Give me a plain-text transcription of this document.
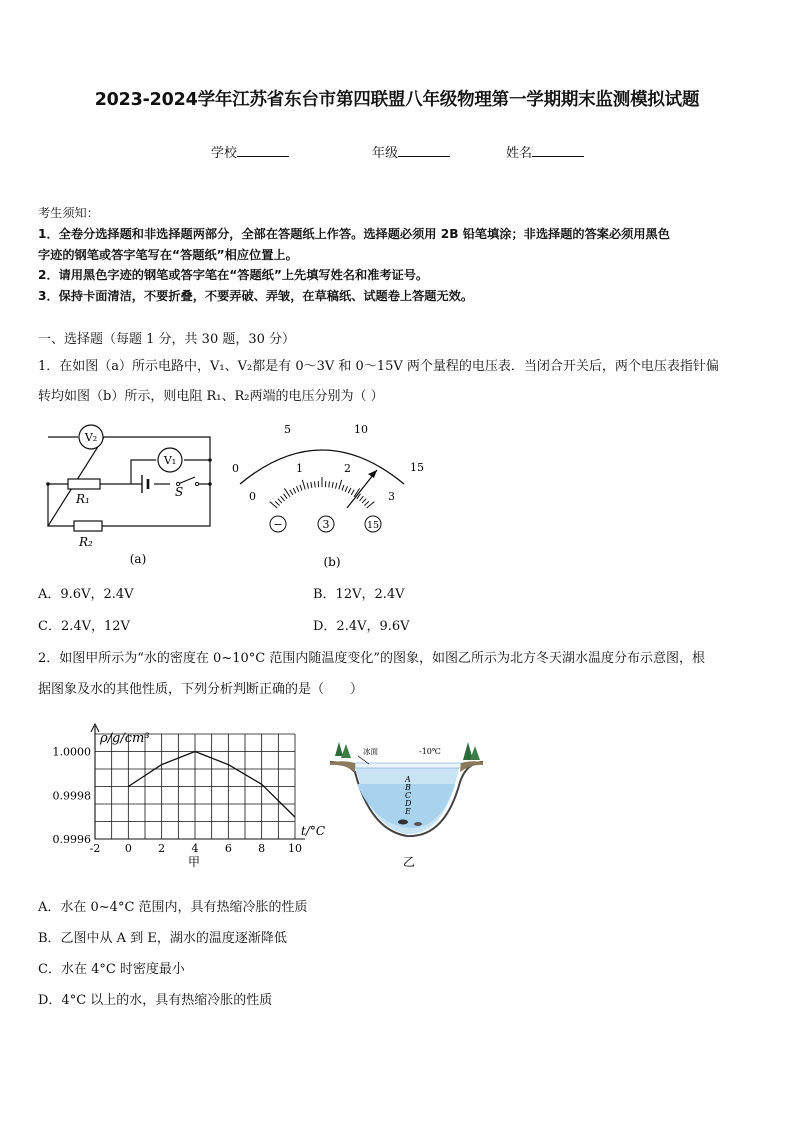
2023-2024学年江苏省东台市第四联盟八年级物理第一学期期末监测模拟试题
学校	年级	姓名
考生须知：
1．全卷分选择题和非选择题两部分，全部在答题纸上作答。选择题必须用 2B 铅笔填涂；非选择题的答案必须用黑色
字迹的钢笔或答字笔写在“答题纸”相应位置上。
2．请用黑色字迹的钢笔或答字笔在“答题纸”上先填写姓名和准考证号。
3．保持卡面清洁，不要折叠，不要弄破、弄皱，在草稿纸、试题卷上答题无效。
一、选择题（每题 1 分，共 30 题，30 分）
1．在如图（a）所示电路中，V₁、V₂都是有 0～3V 和 0～15V 两个量程的电压表．当闭合开关后，两个电压表指针偏
转均如图（b）所示，则电阻 R₁、R₂两端的电压分别为（ ）
V₂
V₁
R₁
R₂
S
(a)
0
5	10
15
0
1	2
3
−	3	15
(b)
A．9.6V，2.4V	B．12V，2.4V
C．2.4V，12V	D．2.4V，9.6V
2．如图甲所示为“水的密度在 0~10°C 范围内随温度变化”的图象，如图乙所示为北方冬天湖水温度分布示意图，根
据图象及水的其他性质，下列分析判断正确的是（　　）
-2 0 2 4 6 8 10
1.0000
0.9998
0.9996
ρ/g/cm³
t/°C
甲
冰面	-10℃
A
B
C
D
E
乙
A．水在 0~4°C 范围内，具有热缩冷胀的性质
B．乙图中从 A 到 E，湖水的温度逐渐降低
C．水在 4°C 时密度最小
D．4°C 以上的水，具有热缩冷胀的性质
